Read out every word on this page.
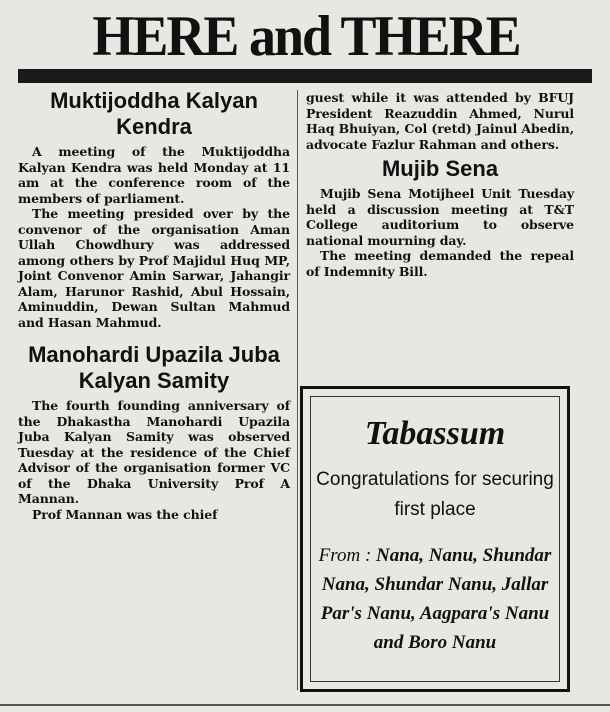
HERE and THERE
Muktijoddha Kalyan Kendra

A meeting of the Muktijoddha Kalyan Kendra was held Monday at 11 am at the conference room of the members of parliament.

The meeting presided over by the convenor of the organisation Aman Ullah Chowdhury was addressed among others by Prof Majidul Huq MP, Joint Convenor Amin Sarwar, Jahangir Alam, Harunor Rashid, Abul Hossain, Aminuddin, Dewan Sultan Mahmud and Hasan Mahmud.

Manohardi Upazila Juba Kalyan Samity

The fourth founding anniversary of the Dhakastha Manohardi Upazila Juba Kalyan Samity was observed Tuesday at the residence of the Chief Advisor of the organisation former VC of the Dhaka University Prof A Mannan.

Prof Mannan was the chief

guest while it was attended by BFUJ President Reazuddin Ahmed, Nurul Haq Bhuiyan, Col (retd) Jainul Abedin, advocate Fazlur Rahman and others.

Mujib Sena

Mujib Sena Motijheel Unit Tuesday held a discussion meeting at T&T College auditorium to observe national mourning day.

The meeting demanded the repeal of Indemnity Bill.

Tabassum
Congratulations for securing first place
From : Nana, Nanu, Shundar Nana, Shundar Nanu, Jallar Par's Nanu, Aagpara's Nanu and Boro Nanu
